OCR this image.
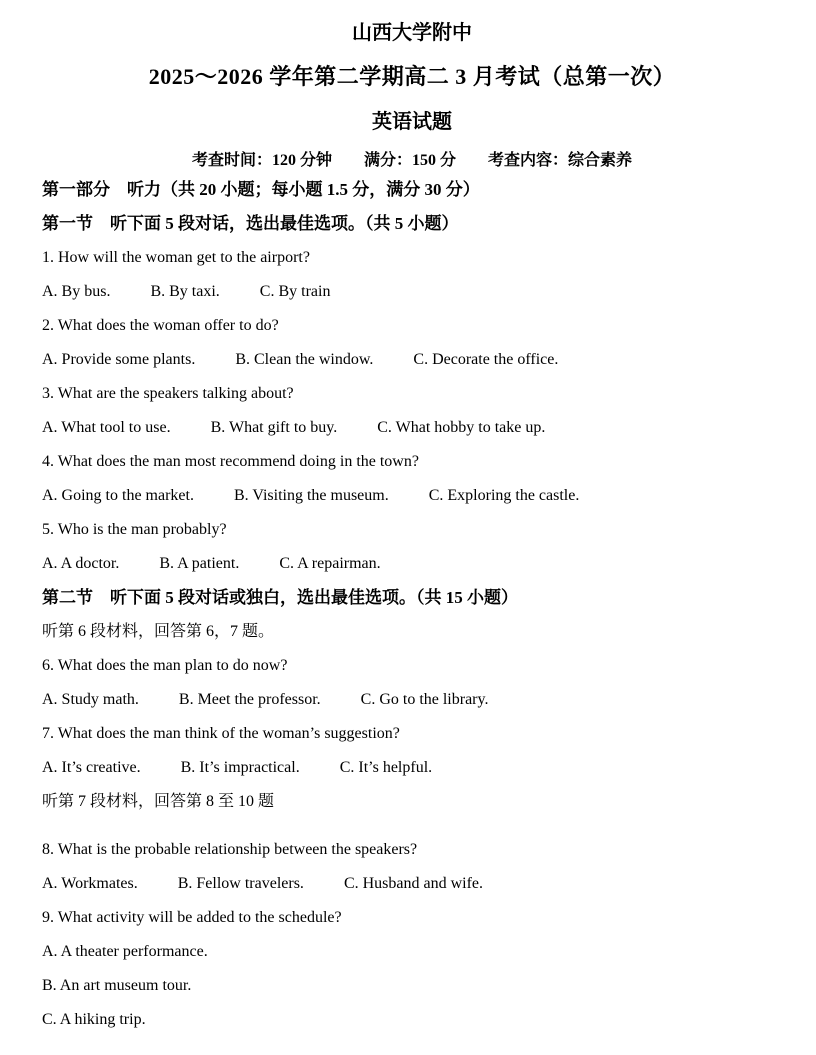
山西大学附中

2025～2026 学年第二学期高二 3 月考试（总第一次）

英语试题

考查时间：120 分钟 满分：150 分 考查内容：综合素养

第一部分　听力（共 20 小题；每小题 1.5 分，满分 30 分）

第一节　听下面 5 段对话，选出最佳选项。（共 5 小题）

1. How will the woman get to the airport?

A. By bus.	B. By taxi.	C. By train

2. What does the woman offer to do?

A. Provide some plants.	B. Clean the window.	C. Decorate the office.

3. What are the speakers talking about?

A. What tool to use.	B. What gift to buy.	C. What hobby to take up.

4. What does the man most recommend doing in the town?

A. Going to the market.	B. Visiting the museum.	C. Exploring the castle.

5. Who is the man probably?

A. A doctor.	B. A patient.	C. A repairman.

第二节　听下面 5 段对话或独白，选出最佳选项。（共 15 小题）

听第 6 段材料，回答第 6，7 题。

6. What does the man plan to do now?

A. Study math.	B. Meet the professor.	C. Go to the library.

7. What does the man think of the woman’s suggestion?

A. It’s creative.	B. It’s impractical.	C. It’s helpful.

听第 7 段材料，回答第 8 至 10 题

8. What is the probable relationship between the speakers?

A. Workmates.	B. Fellow travelers.	C. Husband and wife.

9. What activity will be added to the schedule?

A. A theater performance.
B. An art museum tour.
C. A hiking trip.
